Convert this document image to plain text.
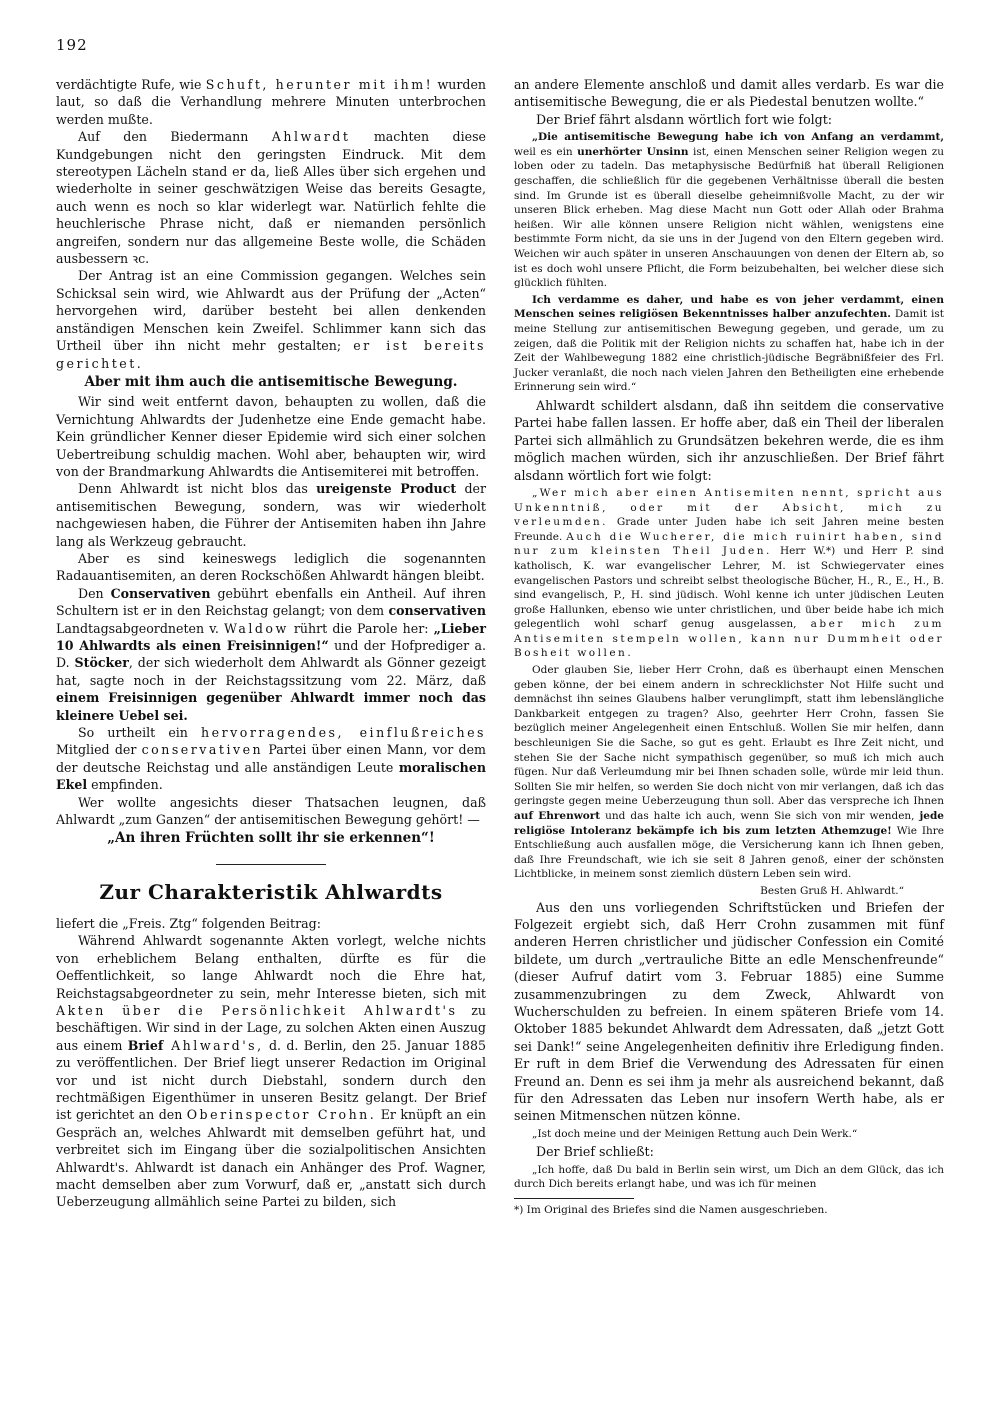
192

verdächtigte Rufe, wie Schuft, herunter mit ihm! wurden laut, so daß die Verhandlung mehrere Minuten unterbrochen werden mußte.

Auf den Biedermann Ahlwardt machten diese Kundgebungen nicht den geringsten Eindruck. Mit dem stereotypen Lächeln stand er da, ließ Alles über sich ergehen und wiederholte in seiner geschwätzigen Weise das bereits Gesagte, auch wenn es noch so klar widerlegt war. Natürlich fehlte die heuchlerische Phrase nicht, daß er niemanden persönlich angreifen, sondern nur das allgemeine Beste wolle, die Schäden ausbessern ꝛc.

Der Antrag ist an eine Commission gegangen. Welches sein Schicksal sein wird, wie Ahlwardt aus der Prüfung der „Acten“ hervorgehen wird, darüber besteht bei allen denkenden anständigen Menschen kein Zweifel. Schlimmer kann sich das Urtheil über ihn nicht mehr gestalten; er ist bereits gerichtet.

Aber mit ihm auch die antisemitische Bewegung.

Wir sind weit entfernt davon, behaupten zu wollen, daß die Vernichtung Ahlwardts der Judenhetze eine Ende gemacht habe. Kein gründlicher Kenner dieser Epidemie wird sich einer solchen Uebertreibung schuldig machen. Wohl aber, behaupten wir, wird von der Brandmarkung Ahlwardts die Antisemiterei mit betroffen.

Denn Ahlwardt ist nicht blos das ureigenste Product der antisemitischen Bewegung, sondern, was wir wiederholt nachgewiesen haben, die Führer der Antisemiten haben ihn Jahre lang als Werkzeug gebraucht.

Aber es sind keineswegs lediglich die sogenannten Radauantisemiten, an deren Rockschößen Ahlwardt hängen bleibt.

Den Conservativen gebührt ebenfalls ein Antheil. Auf ihren Schultern ist er in den Reichstag gelangt; von dem conservativen Landtagsabgeordneten v. Waldow rührt die Parole her: „Lieber 10 Ahlwardts als einen Freisinnigen!“ und der Hofprediger a. D. Stöcker, der sich wiederholt dem Ahlwardt als Gönner gezeigt hat, sagte noch in der Reichstagssitzung vom 22. März, daß einem Freisinnigen gegenüber Ahlwardt immer noch das kleinere Uebel sei.

So urtheilt ein hervorragendes, einflußreiches Mitglied der conservativen Partei über einen Mann, vor dem der deutsche Reichstag und alle anständigen Leute moralischen Ekel empfinden.

Wer wollte angesichts dieser Thatsachen leugnen, daß Ahlwardt „zum Ganzen“ der antisemitischen Bewegung gehört! —

„An ihren Früchten sollt ihr sie erkennen“!

Zur Charakteristik Ahlwardts

liefert die „Freis. Ztg“ folgenden Beitrag:

Während Ahlwardt sogenannte Akten vorlegt, welche nichts von erheblichem Belang enthalten, dürfte es für die Oeffentlichkeit, so lange Ahlwardt noch die Ehre hat, Reichstagsabgeordneter zu sein, mehr Interesse bieten, sich mit Akten über die Persönlichkeit Ahlwardt's zu beschäftigen. Wir sind in der Lage, zu solchen Akten einen Auszug aus einem Brief Ahlward's, d. d. Berlin, den 25. Januar 1885 zu veröffentlichen. Der Brief liegt unserer Redaction im Original vor und ist nicht durch Diebstahl, sondern durch den rechtmäßigen Eigenthümer in unseren Besitz gelangt. Der Brief ist gerichtet an den Oberinspector Crohn. Er knüpft an ein Gespräch an, welches Ahlwardt mit demselben geführt hat, und verbreitet sich im Eingang über die sozialpolitischen Ansichten Ahlwardt's. Ahlwardt ist danach ein Anhänger des Prof. Wagner, macht demselben aber zum Vorwurf, daß er, „anstatt sich durch Ueberzeugung allmählich seine Partei zu bilden, sich

an andere Elemente anschloß und damit alles verdarb. Es war die antisemitische Bewegung, die er als Piedestal benutzen wollte.“

Der Brief fährt alsdann wörtlich fort wie folgt:

„Die antisemitische Bewegung habe ich von Anfang an verdammt, weil es ein unerhörter Unsinn ist, einen Menschen seiner Religion wegen zu loben oder zu tadeln. Das metaphysische Bedürfniß hat überall Religionen geschaffen, die schließlich für die gegebenen Verhältnisse überall die besten sind. Im Grunde ist es überall dieselbe geheimnißvolle Macht, zu der wir unseren Blick erheben. Mag diese Macht nun Gott oder Allah oder Brahma heißen. Wir alle können unsere Religion nicht wählen, wenigstens eine bestimmte Form nicht, da sie uns in der Jugend von den Eltern gegeben wird. Weichen wir auch später in unseren Anschauungen von denen der Eltern ab, so ist es doch wohl unsere Pflicht, die Form beizubehalten, bei welcher diese sich glücklich fühlten.

Ich verdamme es daher, und habe es von jeher verdammt, einen Menschen seines religiösen Bekenntnisses halber anzufechten. Damit ist meine Stellung zur antisemitischen Bewegung gegeben, und gerade, um zu zeigen, daß die Politik mit der Religion nichts zu schaffen hat, habe ich in der Zeit der Wahlbewegung 1882 eine christlich-jüdische Begräbnißfeier des Frl. Jucker veranlaßt, die noch nach vielen Jahren den Betheiligten eine erhebende Erinnerung sein wird.“

Ahlwardt schildert alsdann, daß ihn seitdem die conservative Partei habe fallen lassen. Er hoffe aber, daß ein Theil der liberalen Partei sich allmählich zu Grundsätzen bekehren werde, die es ihm möglich machen würden, sich ihr anzuschließen. Der Brief fährt alsdann wörtlich fort wie folgt:

„Wer mich aber einen Antisemiten nennt, spricht aus Unkenntniß, oder mit der Absicht, mich zu verleumden. Grade unter Juden habe ich seit Jahren meine besten Freunde. Auch die Wucherer, die mich ruinirt haben, sind nur zum kleinsten Theil Juden. Herr W.*) und Herr P. sind katholisch, K. war evangelischer Lehrer, M. ist Schwiegervater eines evangelischen Pastors und schreibt selbst theologische Bücher, H., R., E., H., B. sind evangelisch, P., H. sind jüdisch. Wohl kenne ich unter jüdischen Leuten große Hallunken, ebenso wie unter christlichen, und über beide habe ich mich gelegentlich wohl scharf genug ausgelassen, aber mich zum Antisemiten stempeln wollen, kann nur Dummheit oder Bosheit wollen.

Oder glauben Sie, lieber Herr Crohn, daß es überhaupt einen Menschen geben könne, der bei einem andern in schrecklichster Not Hilfe sucht und demnächst ihn seines Glaubens halber verunglimpft, statt ihm lebenslängliche Dankbarkeit entgegen zu tragen? Also, geehrter Herr Crohn, fassen Sie bezüglich meiner Angelegenheit einen Entschluß. Wollen Sie mir helfen, dann beschleunigen Sie die Sache, so gut es geht. Erlaubt es Ihre Zeit nicht, und stehen Sie der Sache nicht sympathisch gegenüber, so muß ich mich auch fügen. Nur daß Verleumdung mir bei Ihnen schaden solle, würde mir leid thun. Sollten Sie mir helfen, so werden Sie doch nicht von mir verlangen, daß ich das geringste gegen meine Ueberzeugung thun soll. Aber das verspreche ich Ihnen auf Ehrenwort und das halte ich auch, wenn Sie sich von mir wenden, jede religiöse Intoleranz bekämpfe ich bis zum letzten Athemzuge! Wie Ihre Entschließung auch ausfallen möge, die Versicherung kann ich Ihnen geben, daß Ihre Freundschaft, wie ich sie seit 8 Jahren genoß, einer der schönsten Lichtblicke, in meinem sonst ziemlich düstern Leben sein wird.

Besten Gruß H. Ahlwardt.“

Aus den uns vorliegenden Schriftstücken und Briefen der Folgezeit ergiebt sich, daß Herr Crohn zusammen mit fünf anderen Herren christlicher und jüdischer Confession ein Comité bildete, um durch „vertrauliche Bitte an edle Menschenfreunde“ (dieser Aufruf datirt vom 3. Februar 1885) eine Summe zusammenzubringen zu dem Zweck, Ahlwardt von Wucherschulden zu befreien. In einem späteren Briefe vom 14. Oktober 1885 bekundet Ahlwardt dem Adressaten, daß „jetzt Gott sei Dank!“ seine Angelegenheiten definitiv ihre Erledigung finden. Er ruft in dem Brief die Verwendung des Adressaten für einen Freund an. Denn es sei ihm ja mehr als ausreichend bekannt, daß für den Adressaten das Leben nur insofern Werth habe, als er seinen Mitmenschen nützen könne.

„Ist doch meine und der Meinigen Rettung auch Dein Werk.“

Der Brief schließt:

„Ich hoffe, daß Du bald in Berlin sein wirst, um Dich an dem Glück, das ich durch Dich bereits erlangt habe, und was ich für meinen

*) Im Original des Briefes sind die Namen ausgeschrieben.
